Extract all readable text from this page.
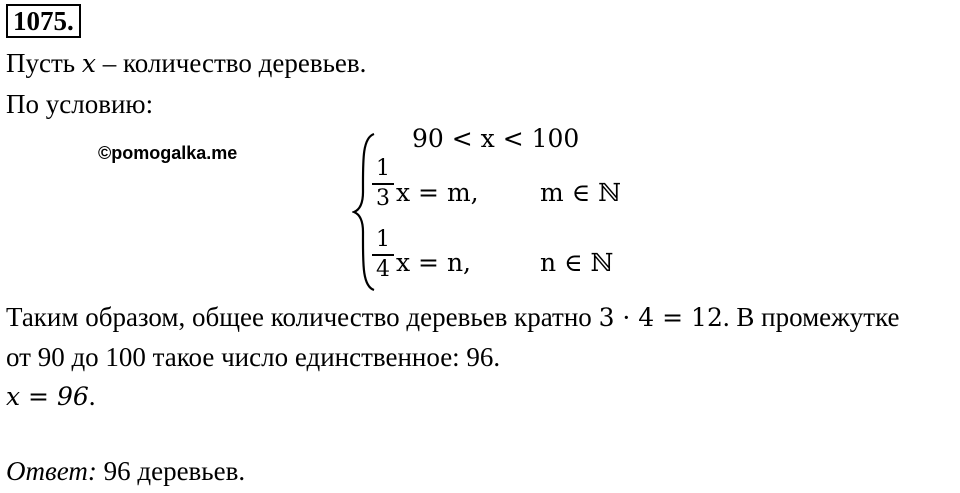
1075.
Пусть x – количество деревьев.
По условию:
©pomogalka.me	90 < x < 100
1
3 x = m, m ∈ ℕ
1
4 x = n,	n ∈ ℕ
Таким образом, общее количество деревьев кратно 3 · 4 = 12. В промежутке
от 90 до 100 такое число единственное: 96.
x = 96.
Ответ: 96 деревьев.
